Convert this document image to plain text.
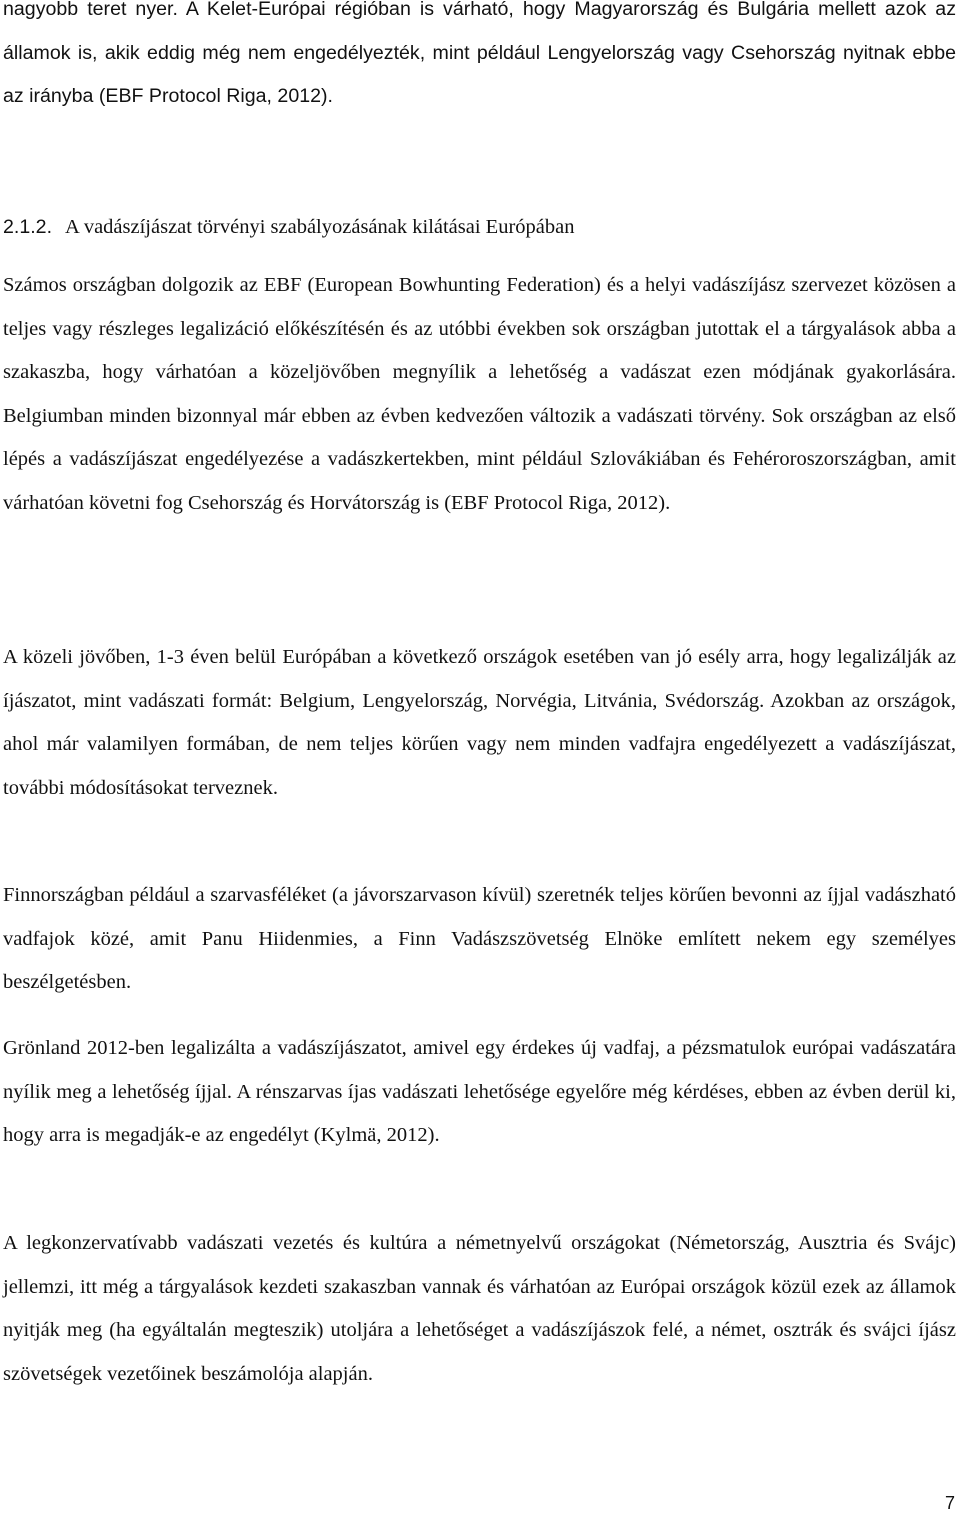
nagyobb teret nyer. A Kelet-Európai régióban is várható, hogy Magyarország és Bulgária mellett azok az államok is, akik eddig még nem engedélyezték, mint például Lengyelország vagy Csehország nyitnak ebbe az irányba (EBF Protocol Riga, 2012).

2.1.2. A vadászíjászat törvényi szabályozásának kilátásai Európában

Számos országban dolgozik az EBF (European Bowhunting Federation) és a helyi vadászíjász szervezet közösen a teljes vagy részleges legalizáció előkészítésén és az utóbbi években sok országban jutottak el a tárgyalások abba a szakaszba, hogy várhatóan a közeljövőben megnyílik a lehetőség a vadászat ezen módjának gyakorlására. Belgiumban minden bizonnyal már ebben az évben kedvezően változik a vadászati törvény. Sok országban az első lépés a vadászíjászat engedélyezése a vadászkertekben, mint például Szlovákiában és Fehéroroszországban, amit várhatóan követni fog Csehország és Horvátország is (EBF Protocol Riga, 2012).

A közeli jövőben, 1-3 éven belül Európában a következő országok esetében van jó esély arra, hogy legalizálják az íjászatot, mint vadászati formát: Belgium, Lengyelország, Norvégia, Litvánia, Svédország. Azokban az országok, ahol már valamilyen formában, de nem teljes körűen vagy nem minden vadfajra engedélyezett a vadászíjászat, további módosításokat terveznek.

Finnországban például a szarvasféléket (a jávorszarvason kívül) szeretnék teljes körűen bevonni az íjjal vadászható vadfajok közé, amit Panu Hiidenmies, a Finn Vadászszövetség Elnöke említett nekem egy személyes beszélgetésben.

Grönland 2012-ben legalizálta a vadászíjászatot, amivel egy érdekes új vadfaj, a pézsmatulok európai vadászatára nyílik meg a lehetőség íjjal. A rénszarvas íjas vadászati lehetősége egyelőre még kérdéses, ebben az évben derül ki, hogy arra is megadják-e az engedélyt (Kylmä, 2012).

A legkonzervatívabb vadászati vezetés és kultúra a németnyelvű országokat (Németország, Ausztria és Svájc) jellemzi, itt még a tárgyalások kezdeti szakaszban vannak és várhatóan az Európai országok közül ezek az államok nyitják meg (ha egyáltalán megteszik) utoljára a lehetőséget a vadászíjászok felé, a német, osztrák és svájci íjász szövetségek vezetőinek beszámolója alapján.

7
